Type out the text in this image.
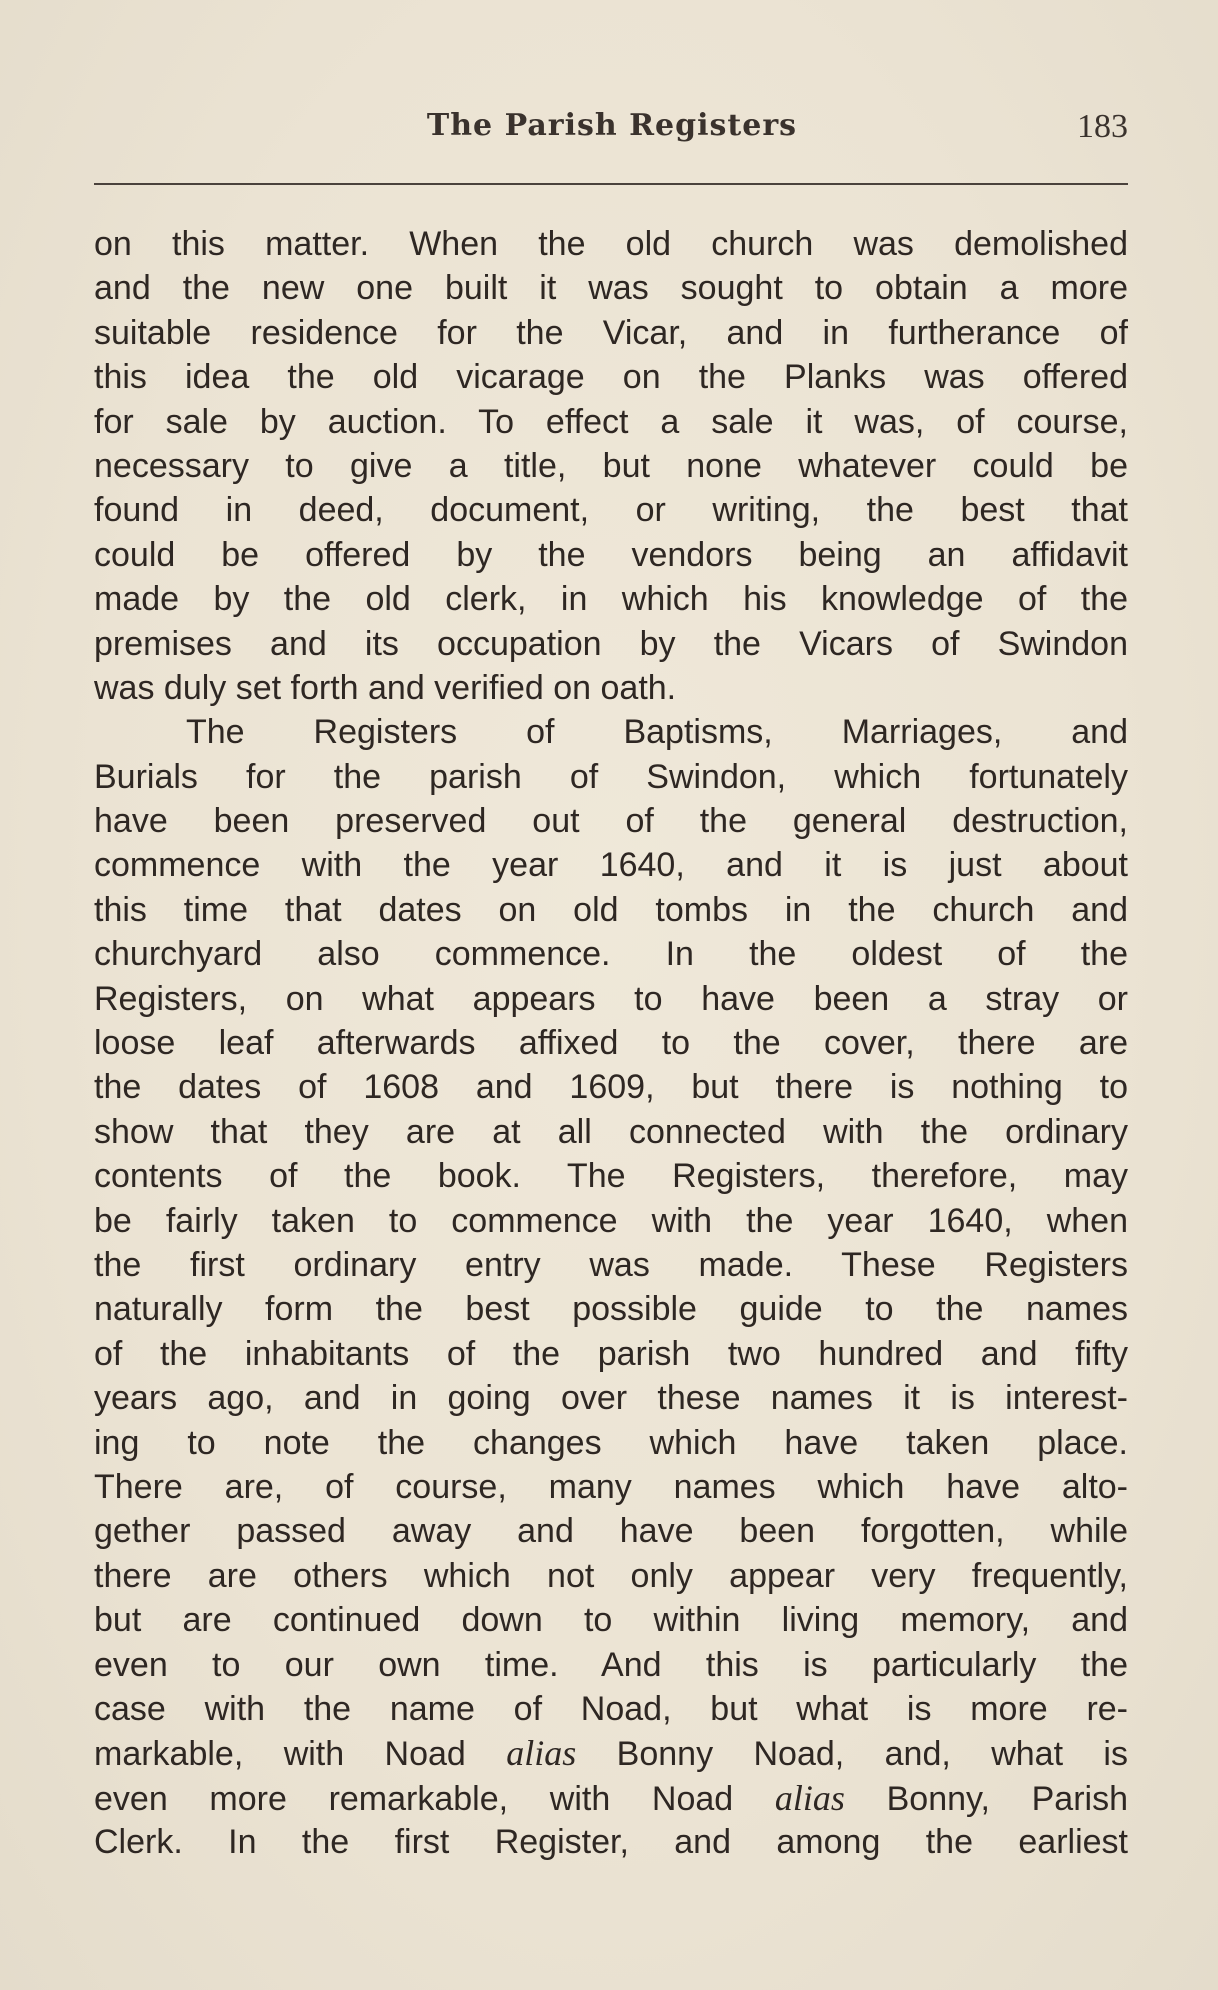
The Parish Registers	183
on this matter. When the old church was demolished
and the new one built it was sought to obtain a more
suitable residence for the Vicar, and in furtherance of
this idea the old vicarage on the Planks was offered
for sale by auction. To effect a sale it was, of course,
necessary to give a title, but none whatever could be
found in deed, document, or writing, the best that
could be offered by the vendors being an affidavit
made by the old clerk, in which his knowledge of the
premises and its occupation by the Vicars of Swindon
was duly set forth and verified on oath.
The Registers of Baptisms, Marriages, and
Burials for the parish of Swindon, which fortunately
have been preserved out of the general destruction,
commence with the year 1640, and it is just about
this time that dates on old tombs in the church and
churchyard also commence. In the oldest of the
Registers, on what appears to have been a stray or
loose leaf afterwards affixed to the cover, there are
the dates of 1608 and 1609, but there is nothing to
show that they are at all connected with the ordinary
contents of the book. The Registers, therefore, may
be fairly taken to commence with the year 1640, when
the first ordinary entry was made. These Registers
naturally form the best possible guide to the names
of the inhabitants of the parish two hundred and fifty
years ago, and in going over these names it is interest-
ing to note the changes which have taken place.
There are, of course, many names which have alto-
gether passed away and have been forgotten, while
there are others which not only appear very frequently,
but are continued down to within living memory, and
even to our own time. And this is particularly the
case with the name of Noad, but what is more re-
markable, with Noad alias Bonny Noad, and, what is
even more remarkable, with Noad alias Bonny, Parish
Clerk. In the first Register, and among the earliest
